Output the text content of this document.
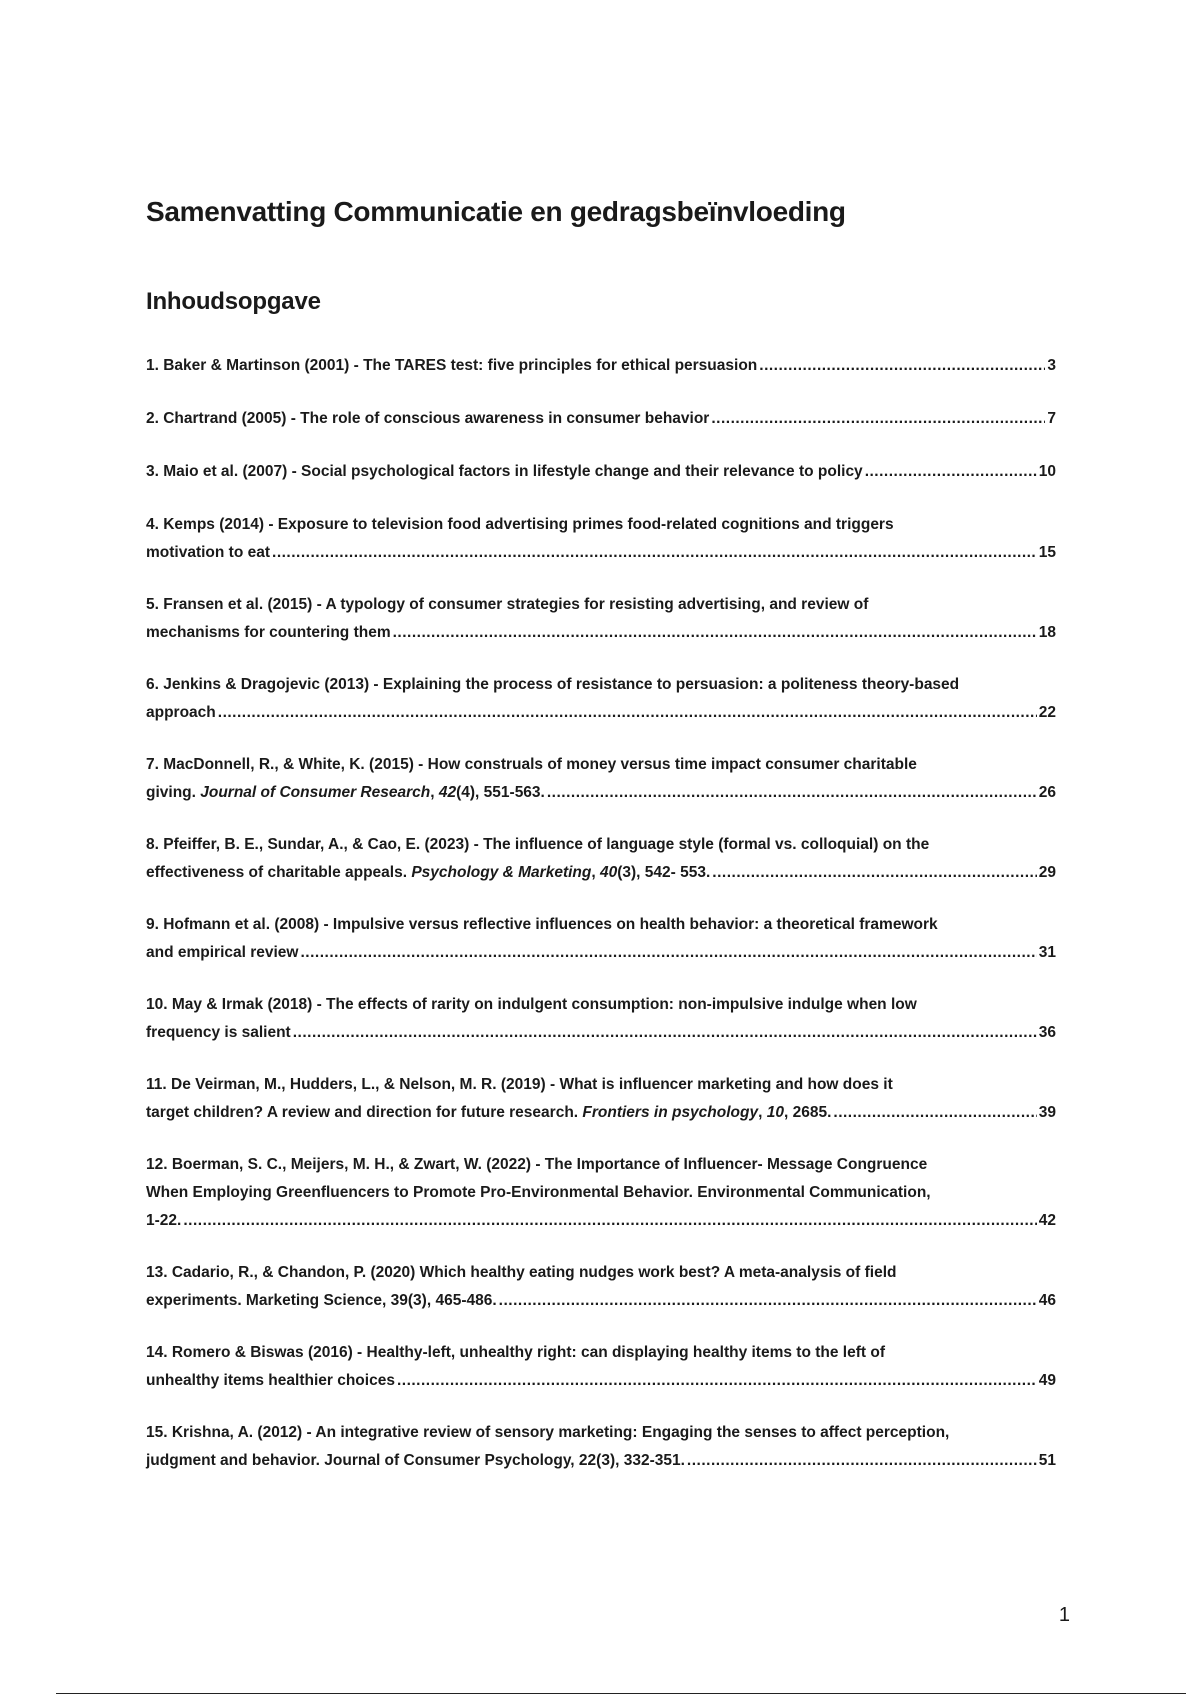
Samenvatting Communicatie en gedragsbeïnvloeding
Inhoudsopgave
1. Baker & Martinson (2001) - The TARES test: five principles for ethical persuasion .....	3
2. Chartrand (2005) - The role of conscious awareness in consumer behavior .....	7
3. Maio et al. (2007) - Social psychological factors in lifestyle change and their relevance to policy .....	10
4. Kemps (2014) - Exposure to television food advertising primes food-related cognitions and triggers
motivation to eat .....	15
5. Fransen et al. (2015) - A typology of consumer strategies for resisting advertising, and review of
mechanisms for countering them .....	18
6. Jenkins & Dragojevic (2013) - Explaining the process of resistance to persuasion: a politeness theory-based
approach .....	22
7. MacDonnell, R., & White, K. (2015) - How construals of money versus time impact consumer charitable
giving. Journal of Consumer Research, 42(4), 551-563. .....	26
8. Pfeiffer, B. E., Sundar, A., & Cao, E. (2023) - The influence of language style (formal vs. colloquial) on the
effectiveness of charitable appeals. Psychology & Marketing, 40(3), 542- 553. .....	29
9. Hofmann et al. (2008) - Impulsive versus reflective influences on health behavior: a theoretical framework
and empirical review .....	31
10. May & Irmak (2018) - The effects of rarity on indulgent consumption: non-impulsive indulge when low
frequency is salient .....	36
11. De Veirman, M., Hudders, L., & Nelson, M. R. (2019) - What is influencer marketing and how does it
target children? A review and direction for future research. Frontiers in psychology, 10, 2685. .....	39
12. Boerman, S. C., Meijers, M. H., & Zwart, W. (2022) - The Importance of Influencer- Message Congruence
When Employing Greenfluencers to Promote Pro-Environmental Behavior. Environmental Communication,
1-22. .....	42
13. Cadario, R., & Chandon, P. (2020) Which healthy eating nudges work best? A meta-analysis of field
experiments. Marketing Science, 39(3), 465-486. .....	46
14. Romero & Biswas (2016) - Healthy-left, unhealthy right: can displaying healthy items to the left of
unhealthy items healthier choices .....	49
15. Krishna, A. (2012) - An integrative review of sensory marketing: Engaging the senses to affect perception,
judgment and behavior. Journal of Consumer Psychology, 22(3), 332-351. .....	51
1
